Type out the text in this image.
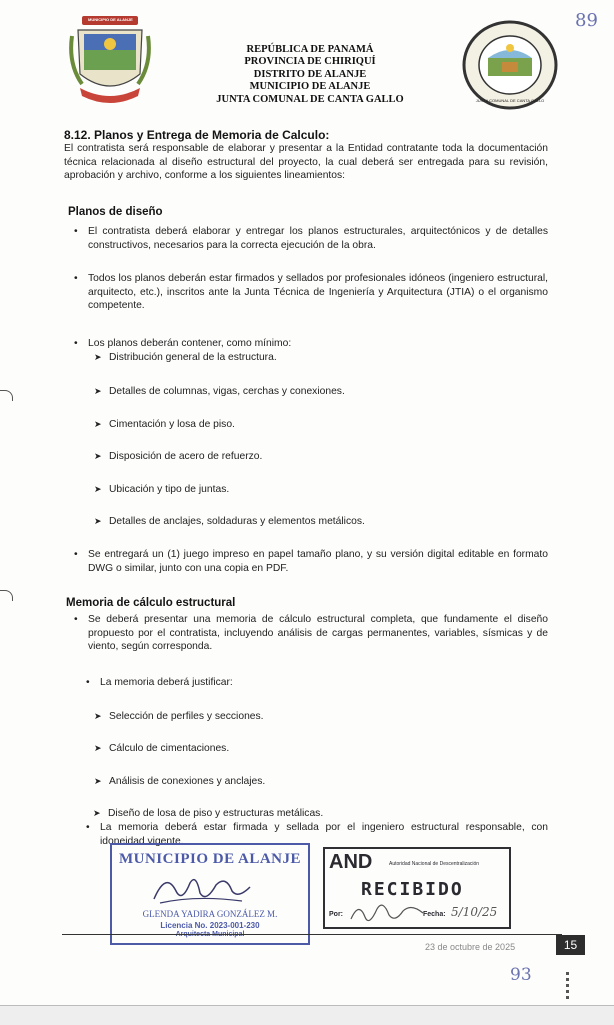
89
93
MUNICIPIO DE ALANJE
JUNTA COMUNAL DE CANTA GALLO
REPÚBLICA DE PANAMÁ
PROVINCIA DE CHIRIQUÍ
DISTRITO DE ALANJE
MUNICIPIO DE ALANJE
JUNTA COMUNAL DE CANTA GALLO
8.12. Planos y Entrega de Memoria de Calculo:
El contratista será responsable de elaborar y presentar a la Entidad contratante toda la documentación técnica relacionada al diseño estructural del proyecto, la cual deberá ser entregada para su revisión, aprobación y archivo, conforme a los siguientes lineamientos:
Planos de diseño
• El contratista deberá elaborar y entregar los planos estructurales, arquitectónicos y de detalles constructivos, necesarios para la correcta ejecución de la obra.
• Todos los planos deberán estar firmados y sellados por profesionales idóneos (ingeniero estructural, arquitecto, etc.), inscritos ante la Junta Técnica de Ingeniería y Arquitectura (JTIA) o el organismo competente.
• Los planos deberán contener, como mínimo:
➤ Distribución general de la estructura.
➤ Detalles de columnas, vigas, cerchas y conexiones.
➤ Cimentación y losa de piso.
➤ Disposición de acero de refuerzo.
➤ Ubicación y tipo de juntas.
➤ Detalles de anclajes, soldaduras y elementos metálicos.
• Se entregará un (1) juego impreso en papel tamaño plano, y su versión digital editable en formato DWG o similar, junto con una copia en PDF.
Memoria de cálculo estructural
• Se deberá presentar una memoria de cálculo estructural completa, que fundamente el diseño propuesto por el contratista, incluyendo análisis de cargas permanentes, variables, sísmicas y de viento, según corresponda.
• La memoria deberá justificar:
➤ Selección de perfiles y secciones.
➤ Cálculo de cimentaciones.
➤ Análisis de conexiones y anclajes.
➤ Diseño de losa de piso y estructuras metálicas.
• La memoria deberá estar firmada y sellada por el ingeniero estructural responsable, con idoneidad vigente.
MUNICIPIO DE ALANJE
GLENDA YADIRA GONZÁLEZ M.
Licencia No. 2023-001-230
AND	Autoridad Nacional de Descentralización
RECIBIDO
Por:	Fecha: 5/10/25
23 de octubre de 2025	15
